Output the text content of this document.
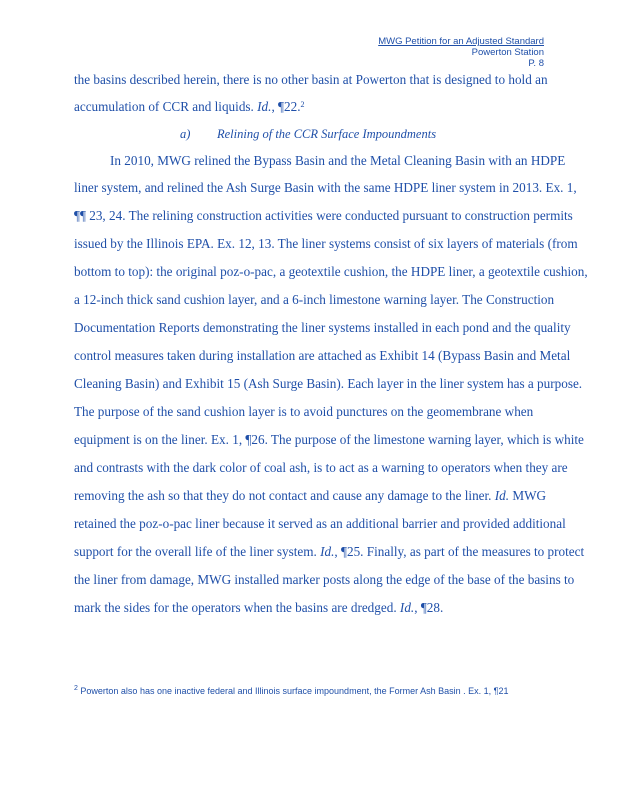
MWG Petition for an Adjusted Standard
Powerton Station
P. 8
the basins described herein, there is no other basin at Powerton that is designed to hold an
accumulation of CCR and liquids. Id., ¶22.$^2$
a) Relining of the CCR Surface Impoundments
In 2010, MWG relined the Bypass Basin and the Metal Cleaning Basin with an HDPE
liner system, and relined the Ash Surge Basin with the same HDPE liner system in 2013. Ex. 1,
¶¶ 23, 24. The relining construction activities were conducted pursuant to construction permits
issued by the Illinois EPA. Ex. 12, 13. The liner systems consist of six layers of materials (from
bottom to top): the original poz-o-pac, a geotextile cushion, the HDPE liner, a geotextile cushion,
a 12-inch thick sand cushion layer, and a 6-inch limestone warning layer. The Construction
Documentation Reports demonstrating the liner systems installed in each pond and the quality
control measures taken during installation are attached as Exhibit 14 (Bypass Basin and Metal
Cleaning Basin) and Exhibit 15 (Ash Surge Basin). Each layer in the liner system has a purpose.
The purpose of the sand cushion layer is to avoid punctures on the geomembrane when
equipment is on the liner. Ex. 1, ¶26. The purpose of the limestone warning layer, which is white
and contrasts with the dark color of coal ash, is to act as a warning to operators when they are
removing the ash so that they do not contact and cause any damage to the liner. Id. MWG
retained the poz-o-pac liner because it served as an additional barrier and provided additional
support for the overall life of the liner system. Id., ¶25. Finally, as part of the measures to protect
the liner from damage, MWG installed marker posts along the edge of the base of the basins to
mark the sides for the operators when the basins are dredged. Id., ¶28.
$^2$ Powerton also has one inactive federal and Illinois surface impoundment, the Former Ash Basin . Ex. 1, ¶21
